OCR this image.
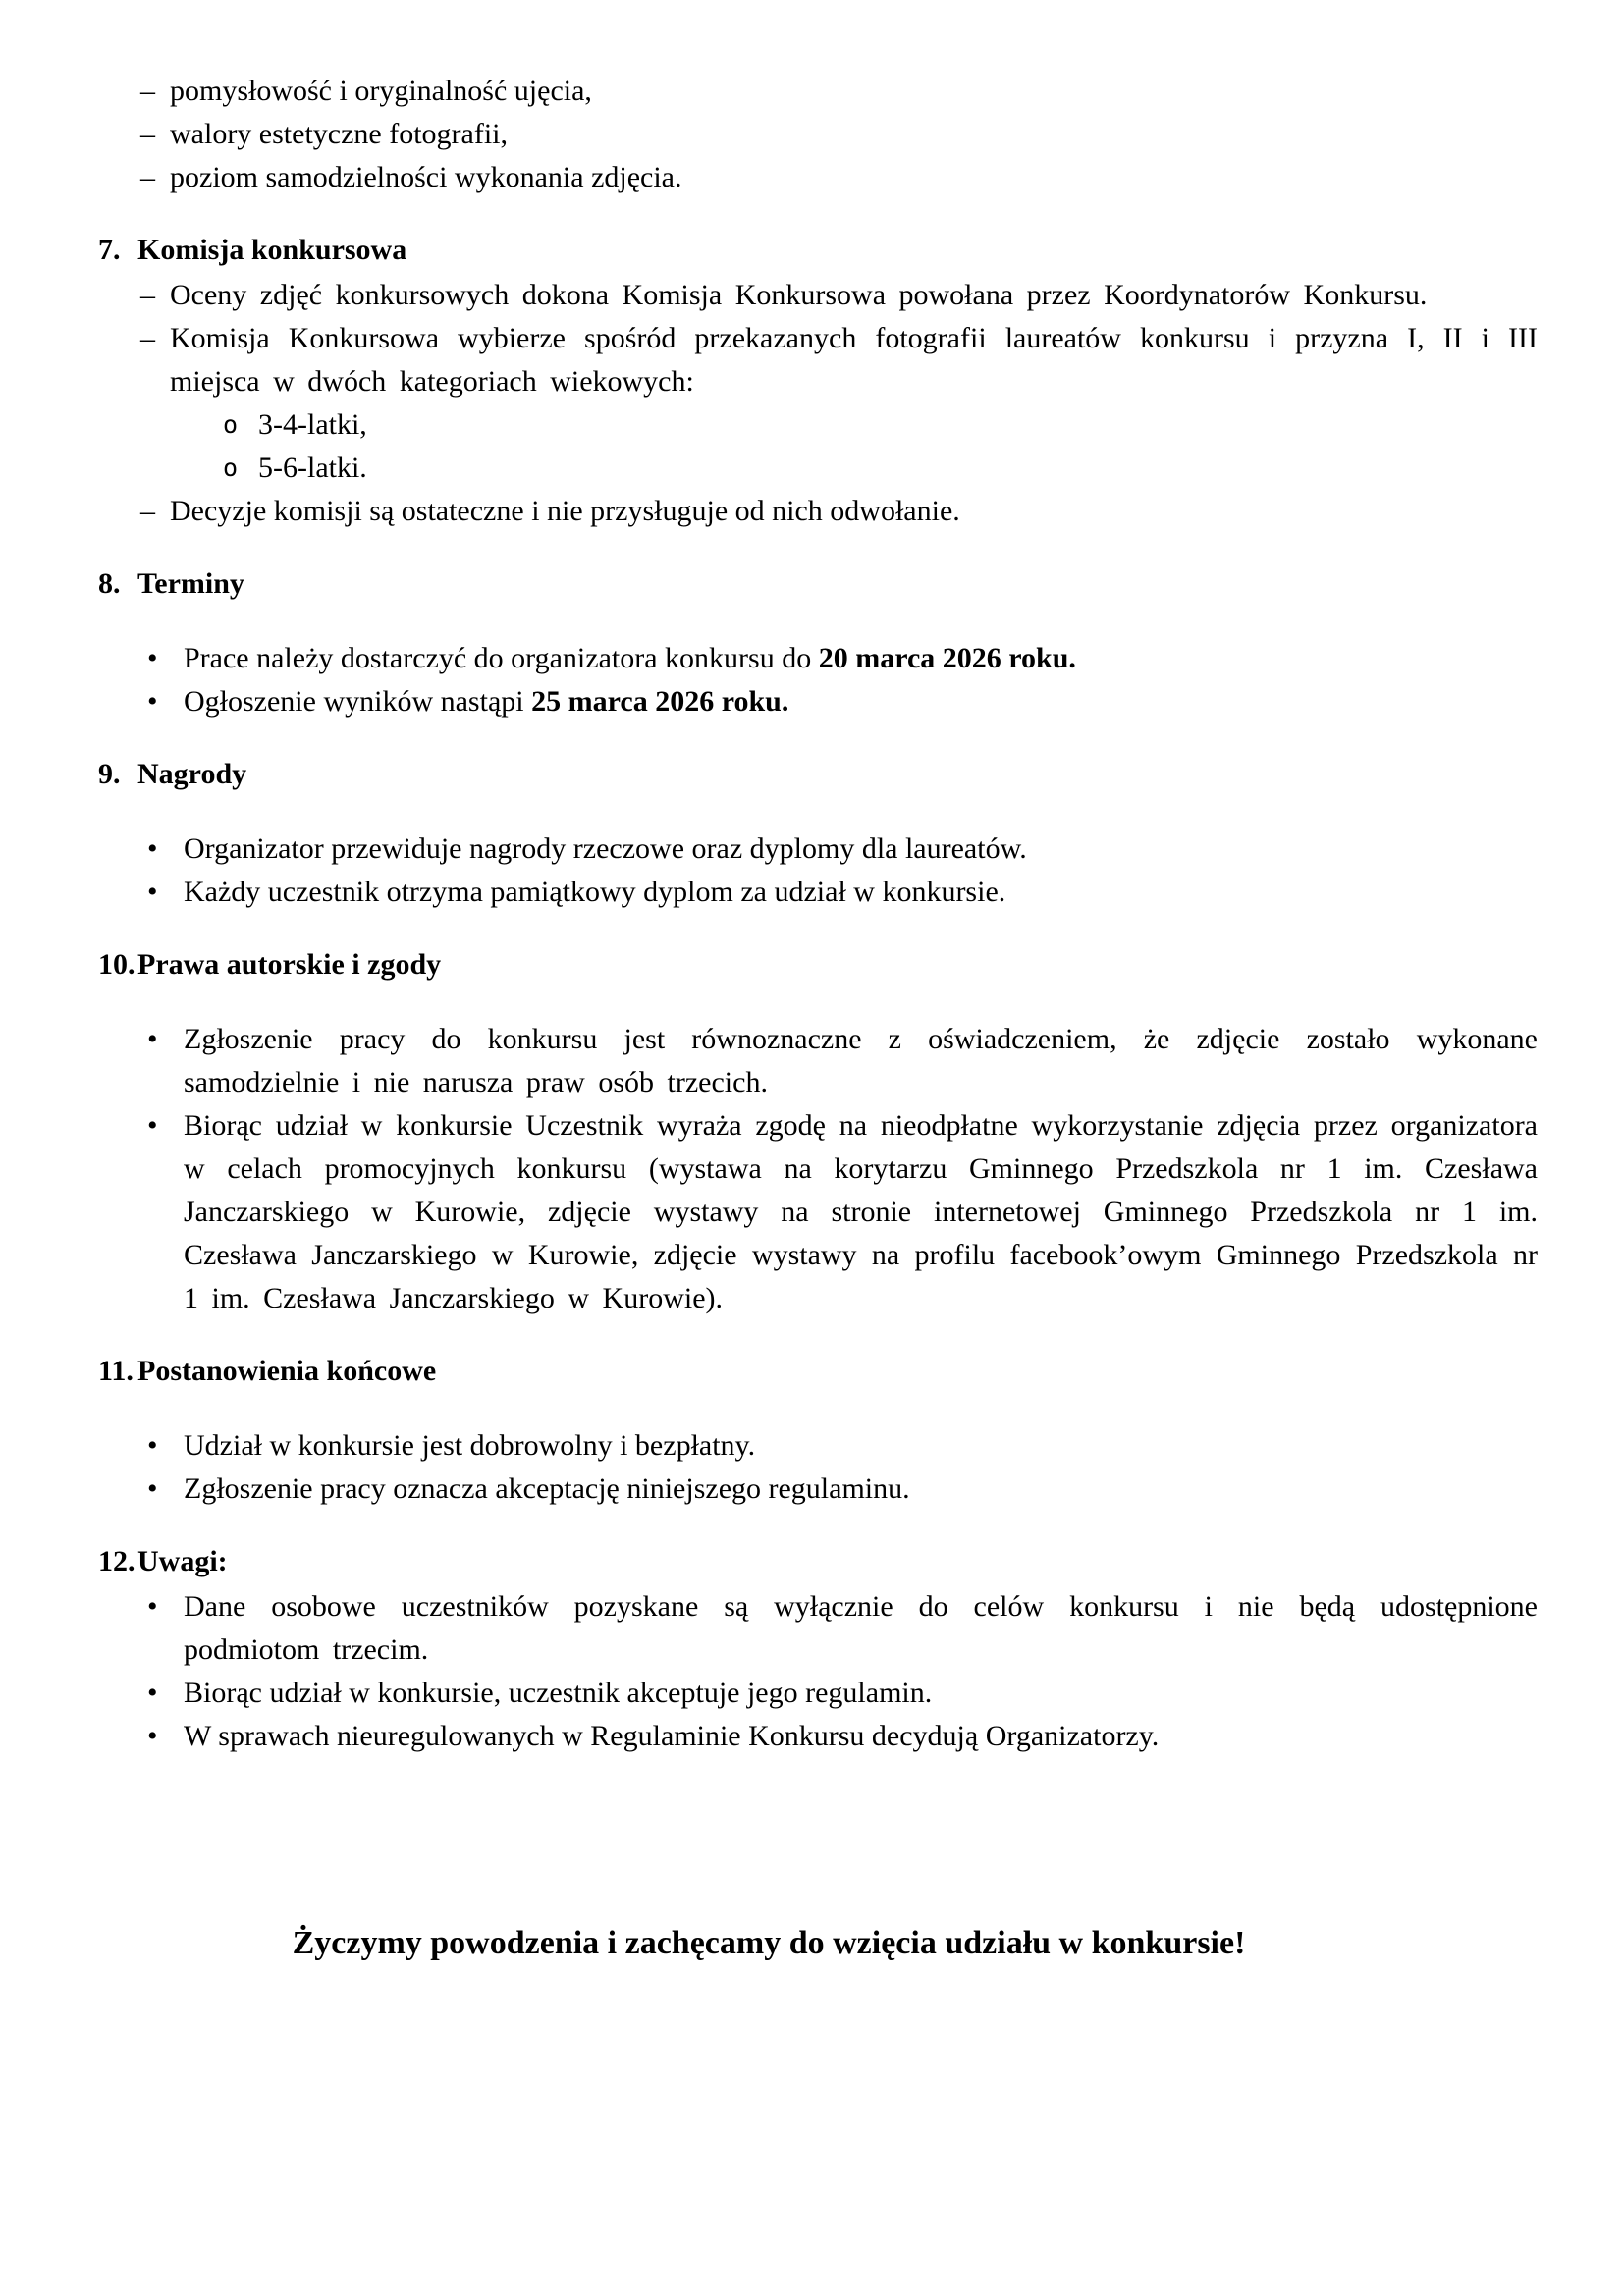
– pomysłowość i oryginalność ujęcia,
– walory estetyczne fotografii,
– poziom samodzielności wykonania zdjęcia.
7. Komisja konkursowa
– Oceny zdjęć konkursowych dokona Komisja Konkursowa powołana przez Koordynatorów Konkursu.
– Komisja Konkursowa wybierze spośród przekazanych fotografii laureatów konkursu i przyzna I, II i III miejsca w dwóch kategoriach wiekowych:
o 3-4-latki,
o 5-6-latki.
– Decyzje komisji są ostateczne i nie przysługuje od nich odwołanie.
8. Terminy
• Prace należy dostarczyć do organizatora konkursu do 20 marca 2026 roku.
• Ogłoszenie wyników nastąpi 25 marca 2026 roku.
9. Nagrody
• Organizator przewiduje nagrody rzeczowe oraz dyplomy dla laureatów.
• Każdy uczestnik otrzyma pamiątkowy dyplom za udział w konkursie.
10. Prawa autorskie i zgody
• Zgłoszenie pracy do konkursu jest równoznaczne z oświadczeniem, że zdjęcie zostało wykonane samodzielnie i nie narusza praw osób trzecich.
• Biorąc udział w konkursie Uczestnik wyraża zgodę na nieodpłatne wykorzystanie zdjęcia przez organizatora w celach promocyjnych konkursu (wystawa na korytarzu Gminnego Przedszkola nr 1 im. Czesława Janczarskiego w Kurowie, zdjęcie wystawy na stronie internetowej Gminnego Przedszkola nr 1 im. Czesława Janczarskiego w Kurowie, zdjęcie wystawy na profilu facebook’owym Gminnego Przedszkola nr 1 im. Czesława Janczarskiego w Kurowie).
11. Postanowienia końcowe
• Udział w konkursie jest dobrowolny i bezpłatny.
• Zgłoszenie pracy oznacza akceptację niniejszego regulaminu.
12. Uwagi:
• Dane osobowe uczestników pozyskane są wyłącznie do celów konkursu i nie będą udostępnione podmiotom trzecim.
• Biorąc udział w konkursie, uczestnik akceptuje jego regulamin.
• W sprawach nieuregulowanych w Regulaminie Konkursu decydują Organizatorzy.
Życzymy powodzenia i zachęcamy do wzięcia udziału w konkursie!
